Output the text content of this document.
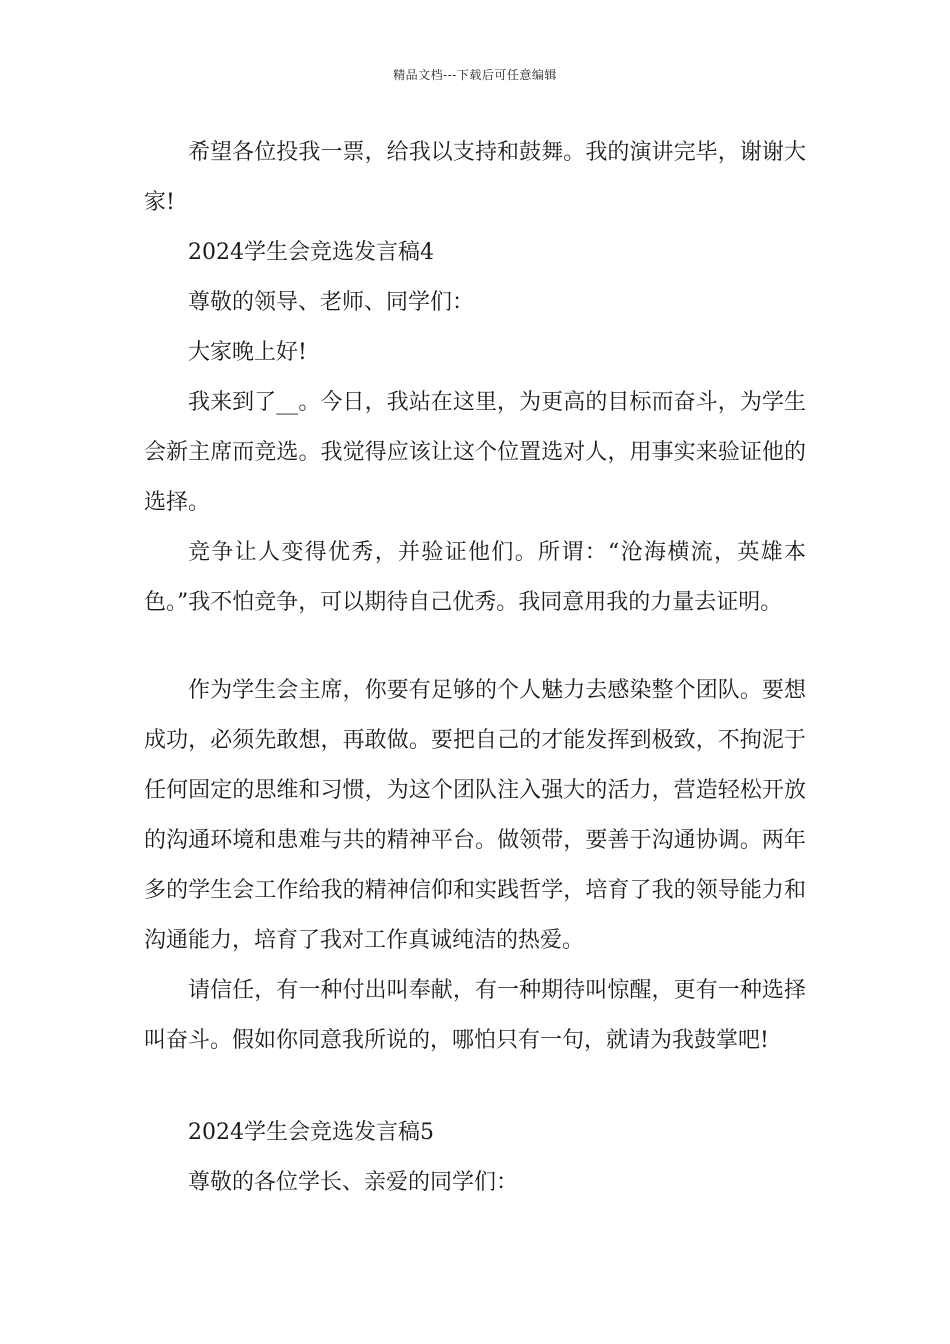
精品文档---下载后可任意编辑

希望各位投我一票，给我以支持和鼓舞。我的演讲完毕，谢谢大家!

2024学生会竞选发言稿4

尊敬的领导、老师、同学们：

大家晚上好!

我来到了__。今日，我站在这里，为更高的目标而奋斗，为学生会新主席而竞选。我觉得应该让这个位置选对人，用事实来验证他的选择。

竞争让人变得优秀，并验证他们。所谓：“沧海横流，英雄本色。”我不怕竞争，可以期待自己优秀。我同意用我的力量去证明。

作为学生会主席，你要有足够的个人魅力去感染整个团队。要想成功，必须先敢想，再敢做。要把自己的才能发挥到极致，不拘泥于任何固定的思维和习惯，为这个团队注入强大的活力，营造轻松开放的沟通环境和患难与共的精神平台。做领带，要善于沟通协调。两年多的学生会工作给我的精神信仰和实践哲学，培育了我的领导能力和沟通能力，培育了我对工作真诚纯洁的热爱。

请信任，有一种付出叫奉献，有一种期待叫惊醒，更有一种选择叫奋斗。假如你同意我所说的，哪怕只有一句，就请为我鼓掌吧!

2024学生会竞选发言稿5

尊敬的各位学长、亲爱的同学们：
